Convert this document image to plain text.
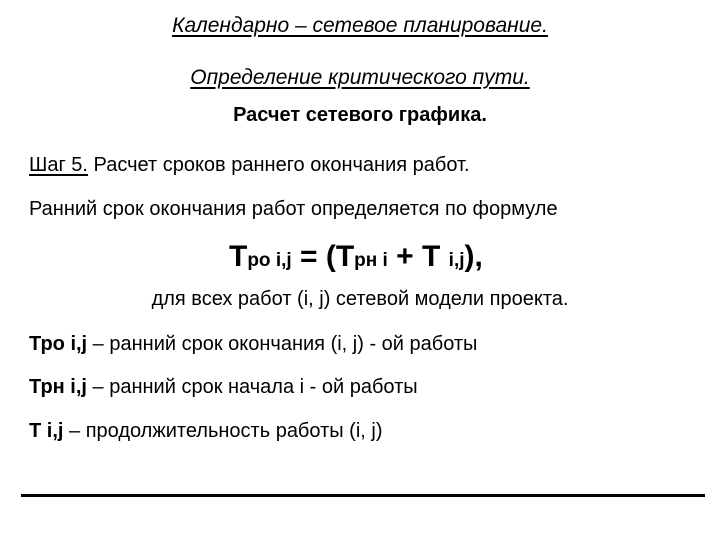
Календарно – сетевое планирование.
Определение критического пути.
Расчет сетевого графика.
Шаг 5. Расчет сроков раннего окончания работ.
Ранний срок окончания работ определяется по формуле
Тро i,j = (Трн i + Т i,j),
для всех работ (i, j) сетевой модели проекта.
Тро i,j – ранний срок окончания (i, j) - ой работы
Трн i,j – ранний срок начала i - ой работы
Т i,j – продолжительность работы (i, j)
